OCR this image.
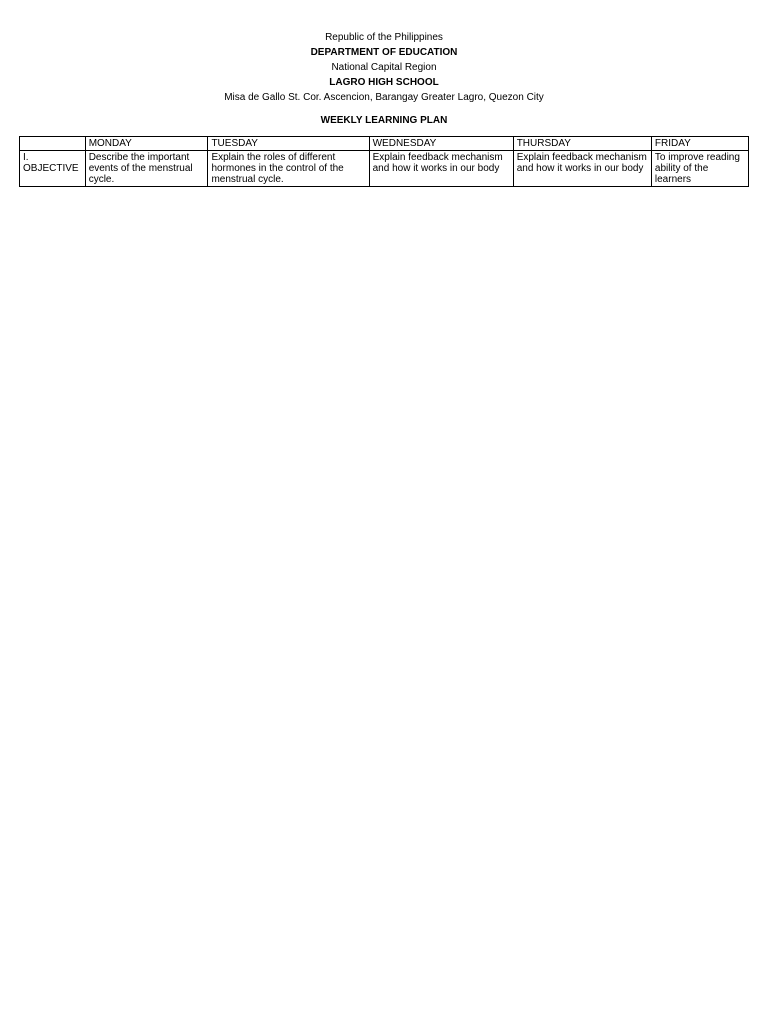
Republic of the Philippines
DEPARTMENT OF EDUCATION
National Capital Region
LAGRO HIGH SCHOOL
Misa de Gallo St. Cor. Ascencion, Barangay Greater Lagro, Quezon City
WEEKLY LEARNING PLAN
	MONDAY	TUESDAY	WEDNESDAY	THURSDAY	FRIDAY
I. OBJECTIVE	Describe the important events of the menstrual cycle.	Explain the roles of different hormones in the control of the menstrual cycle.	Explain feedback mechanism and how it works in our body	Explain feedback mechanism and how it works in our body	To improve reading ability of the learners
